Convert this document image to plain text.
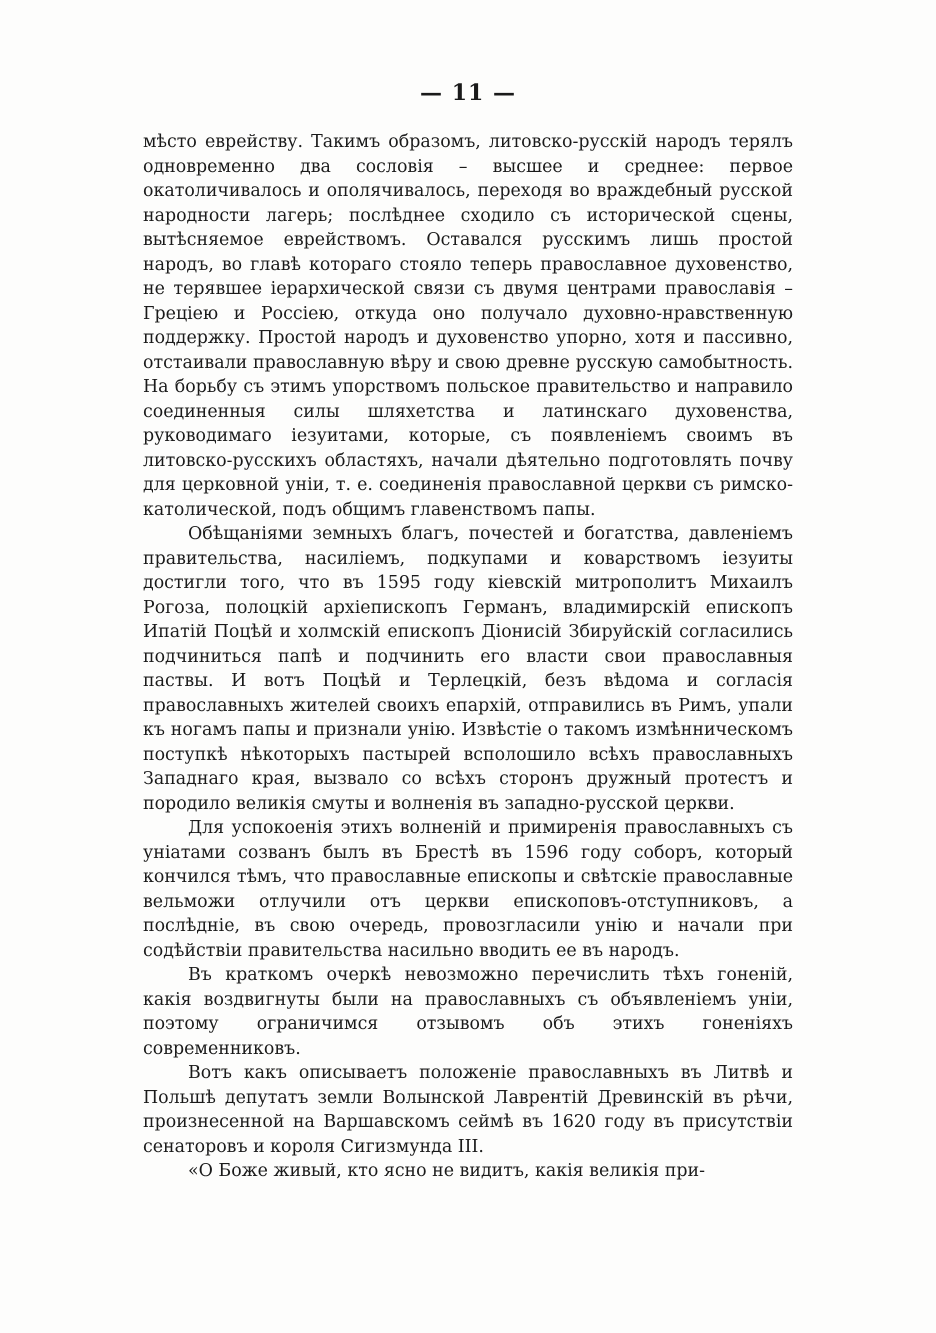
— 11 —

мѣсто еврейству. Такимъ образомъ, литовско-русскій народъ терялъ одновременно два сословія – высшее и среднее: первое окатоличивалось и ополячивалось, переходя во враждебный русской народности лагерь; послѣднее сходило съ исторической сцены, вытѣсняемое еврействомъ. Оставался русскимъ лишь простой народъ, во главѣ котораго стояло теперь православное духовенство, не терявшее іерархической связи съ двумя центрами православія – Греціею и Россіею, откуда оно получало духовно-нравственную поддержку. Простой народъ и духовенство упорно, хотя и пассивно, отстаивали православную вѣру и свою древне русскую самобытность. На борьбу съ этимъ упорствомъ польское правительство и направило соединенныя силы шляхетства и латинскаго духовенства, руководимаго іезуитами, которые, съ появленіемъ своимъ въ литовско-русскихъ областяхъ, начали дѣятельно подготовлять почву для церковной уніи, т. е. соединенія православной церкви съ римско-католической, подъ общимъ главенствомъ папы.

Обѣщаніями земныхъ благъ, почестей и богатства, давленіемъ правительства, насиліемъ, подкупами и коварствомъ іезуиты достигли того, что въ 1595 году кіевскій митрополитъ Михаилъ Рогоза, полоцкій архіепископъ Германъ, владимирскій епископъ Ипатій Поцѣй и холмскій епископъ Діонисій Збируйскій согласились подчиниться папѣ и подчинить его власти свои православныя паствы. И вотъ Поцѣй и Терлецкій, безъ вѣдома и согласія православныхъ жителей своихъ епархій, отправились въ Римъ, упали къ ногамъ папы и признали унію. Извѣстіе о такомъ измѣнническомъ поступкѣ нѣкоторыхъ пастырей всполошило всѣхъ православныхъ Западнаго края, вызвало со всѣхъ сторонъ дружный протестъ и породило великія смуты и волненія въ западно-русской церкви.

Для успокоенія этихъ волненій и примиренія православныхъ съ уніатами созванъ былъ въ Брестѣ въ 1596 году соборъ, который кончился тѣмъ, что православные епископы и свѣтскіе православные вельможи отлучили отъ церкви епископовъ-отступниковъ, а послѣдніе, въ свою очередь, провозгласили унію и начали при содѣйствіи правительства насильно вводить ее въ народъ.

Въ краткомъ очеркѣ невозможно перечислить тѣхъ гоненій, какія воздвигнуты были на православныхъ съ объявленіемъ уніи, поэтому ограничимся отзывомъ объ этихъ гоненіяхъ современниковъ.

Вотъ какъ описываетъ положеніе православныхъ въ Литвѣ и Польшѣ депутатъ земли Волынской Лаврентій Древинскій въ рѣчи, произнесенной на Варшавскомъ сеймѣ въ 1620 году въ присутствіи сенаторовъ и короля Сигизмунда III.

«О Боже живый, кто ясно не видитъ, какія великія при-
